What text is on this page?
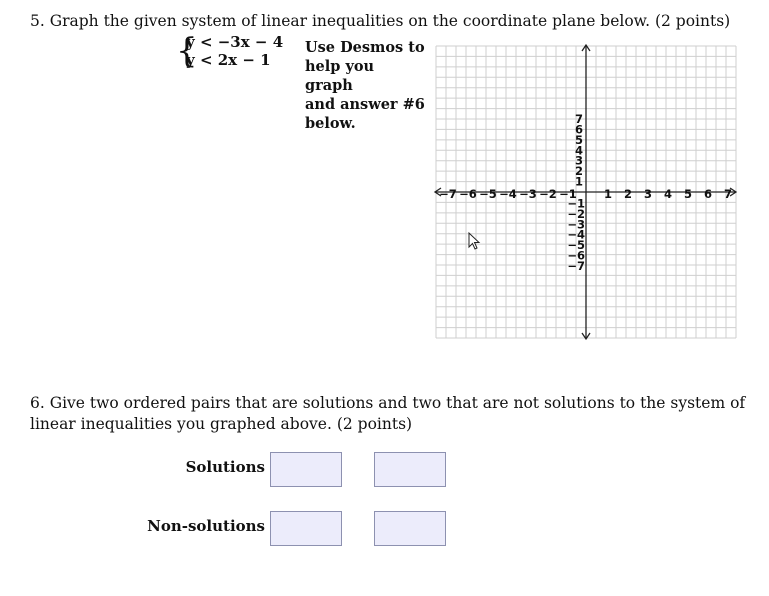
5. Graph the given system of linear inequalities on the coordinate plane below. (2 points)
{
y < −3x − 4
y < 2x − 1
Use Desmos to
help you graph
and answer #6
below.
1 2 3 4 5 6 7
−7 −6 −5 −4 −3 −2 −1
1
2
3
4
5
6
7
−1
−2
−3
−4
−5
−6
−7
6. Give two ordered pairs that are solutions and two that are not solutions to the system of linear inequalities you graphed above. (2 points)
Solutions
Non-solutions
